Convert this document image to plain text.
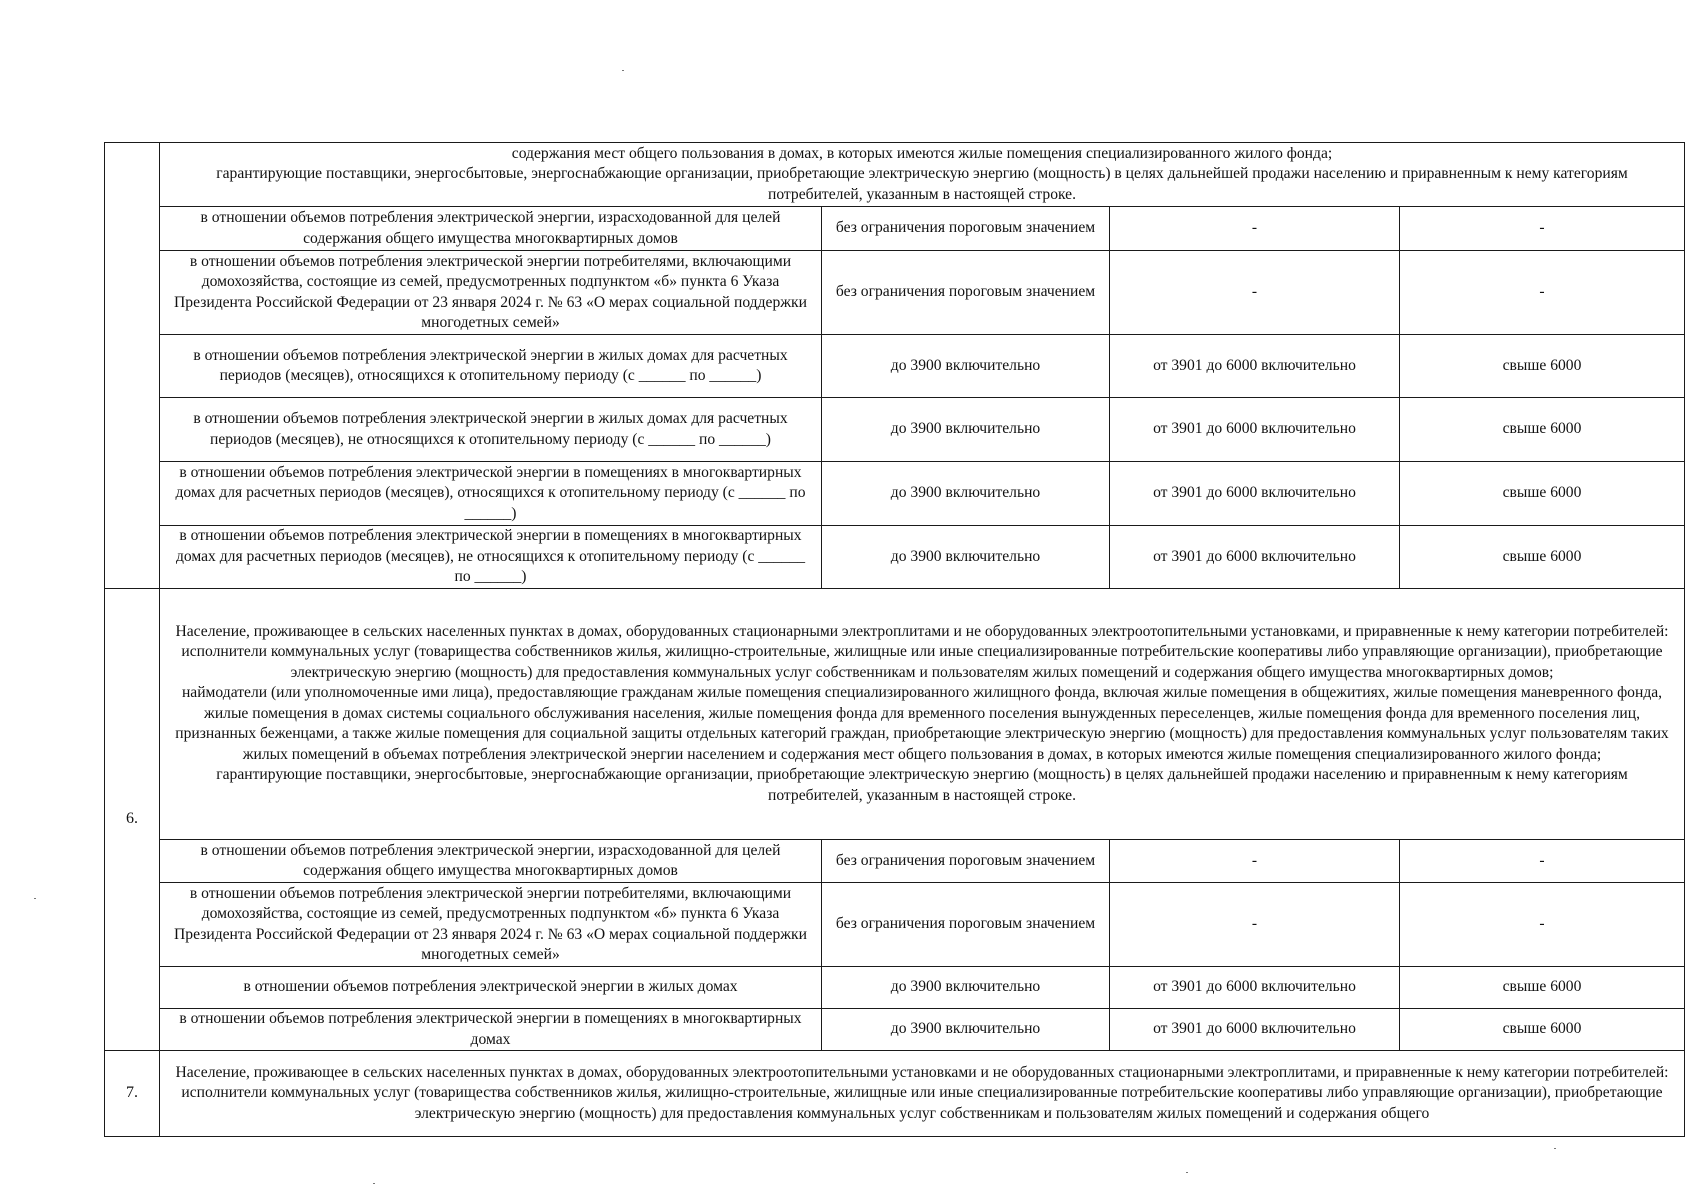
	содержания мест общего пользования в домах, в которых имеются жилые помещения специализированного жилого фонда;
гарантирующие поставщики, энергосбытовые, энергоснабжающие организации, приобретающие электрическую энергию (мощность) в целях дальнейшей продажи населению и приравненным к нему категориям потребителей, указанным в настоящей строке.			

	в отношении объемов потребления электрической энергии, израсходованной для целей содержания общего имущества многоквартирных домов	без ограничения пороговым значением	-	-
	в отношении объемов потребления электрической энергии потребителями, включающими домохозяйства, состоящие из семей, предусмотренных подпунктом «б» пункта 6 Указа Президента Российской Федерации от 23 января 2024 г. № 63 «О мерах социальной поддержки многодетных семей»	без ограничения пороговым значением	-	-
	в отношении объемов потребления электрической энергии в жилых домах для расчетных периодов (месяцев), относящихся к отопительному периоду (с ______ по ______)	до 3900 включительно	от 3901 до 6000 включительно	свыше 6000
	в отношении объемов потребления электрической энергии в жилых домах для расчетных периодов (месяцев), не относящихся к отопительному периоду (с ______ по ______)	до 3900 включительно	от 3901 до 6000 включительно	свыше 6000
	в отношении объемов потребления электрической энергии в помещениях в многоквартирных домах для расчетных периодов (месяцев), относящихся к отопительному периоду (с ______ по ______)	до 3900 включительно	от 3901 до 6000 включительно	свыше 6000
	в отношении объемов потребления электрической энергии в помещениях в многоквартирных домах для расчетных периодов (месяцев), не относящихся к отопительному периоду (с ______ по ______)	до 3900 включительно	от 3901 до 6000 включительно	свыше 6000
6.	Население, проживающее в сельских населенных пунктах в домах, оборудованных стационарными электроплитами и не оборудованных электроотопительными установками, и приравненные к нему категории потребителей:
исполнители коммунальных услуг (товарищества собственников жилья, жилищно-строительные, жилищные или иные специализированные потребительские кооперативы либо управляющие организации), приобретающие электрическую энергию (мощность) для предоставления коммунальных услуг собственникам и пользователям жилых помещений и содержания общего имущества многоквартирных домов;
наймодатели (или уполномоченные ими лица), предоставляющие гражданам жилые помещения специализированного жилищного фонда, включая жилые помещения в общежитиях, жилые помещения маневренного фонда, жилые помещения в домах системы социального обслуживания населения, жилые помещения фонда для временного поселения вынужденных переселенцев, жилые помещения фонда для временного поселения лиц, признанных беженцами, а также жилые помещения для социальной защиты отдельных категорий граждан, приобретающие электрическую энергию (мощность) для предоставления коммунальных услуг пользователям таких жилых помещений в объемах потребления электрической энергии населением и содержания мест общего пользования в домах, в которых имеются жилые помещения специализированного жилого фонда;
гарантирующие поставщики, энергосбытовые, энергоснабжающие организации, приобретающие электрическую энергию (мощность) в целях дальнейшей продажи населению и приравненным к нему категориям потребителей, указанным в настоящей строке.			

	в отношении объемов потребления электрической энергии, израсходованной для целей содержания общего имущества многоквартирных домов	без ограничения пороговым значением	-	-
	в отношении объемов потребления электрической энергии потребителями, включающими домохозяйства, состоящие из семей, предусмотренных подпунктом «б» пункта 6 Указа Президента Российской Федерации от 23 января 2024 г. № 63 «О мерах социальной поддержки многодетных семей»	без ограничения пороговым значением	-	-
	в отношении объемов потребления электрической энергии в жилых домах	до 3900 включительно	от 3901 до 6000 включительно	свыше 6000
	в отношении объемов потребления электрической энергии в помещениях в многоквартирных домах	до 3900 включительно	от 3901 до 6000 включительно	свыше 6000
7.	Население, проживающее в сельских населенных пунктах в домах, оборудованных электроотопительными установками и не оборудованных стационарными электроплитами, и приравненные к нему категории потребителей:
исполнители коммунальных услуг (товарищества собственников жилья, жилищно-строительные, жилищные или иные специализированные потребительские кооперативы либо управляющие организации), приобретающие электрическую энергию (мощность) для предоставления коммунальных услуг собственникам и пользователям жилых помещений и содержания общего			
